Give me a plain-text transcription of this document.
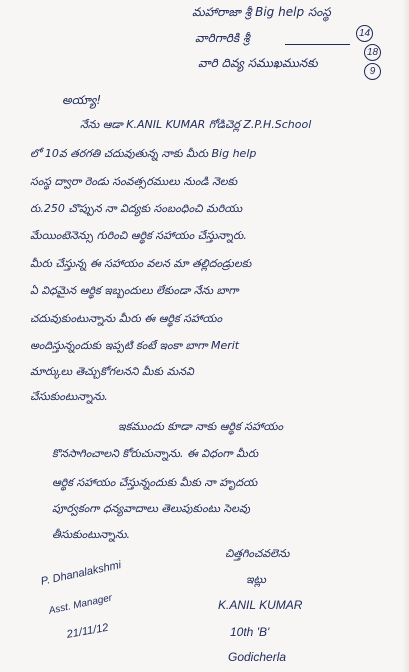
మహారాజా శ్రీ Big help సంస్థ
వారిగారికి శ్రీ	14
18
వారి దివ్య సముఖమునకు
9
అయ్యా!
నేను ఆడా K.ANIL KUMAR గోడిచెర్ల Z.P.H.School
లో 10వ తరగతి చదువుతున్న నాకు మీరు Big help
సంస్థ ద్వారా రెండు సంవత్సరములు నుండి నెలకు
రు.250 చొప్పున నా విద్యకు సంబంధించి మరియు
మేయింటెనెన్సు గురించి ఆర్థిక సహాయం చేస్తున్నారు.
మీరు చేస్తున్న ఈ సహాయం వలన మా తల్లిదండ్రులకు
ఏ విధమైన ఆర్థిక ఇబ్బందులు లేకుండా నేను బాగా
చదువుకుంటున్నాను మీరు ఈ ఆర్థిక సహాయం
అందిస్తున్నందుకు ఇప్పటి కంటే ఇంకా బాగా Merit
మార్కులు తెచ్చుకోగలనని మీకు మనవి
చేసుకుంటున్నాను.
ఇకముందు కూడా నాకు ఆర్థిక సహాయం
కొనసాగించాలని కోరుచున్నాను. ఈ విధంగా మీరు
ఆర్థిక సహాయం చేస్తున్నందుకు మీకు నా హృదయ
పూర్వకంగా ధన్యవాదాలు తెలుపుకుంటు సెలవు
తీసుకుంటున్నాను.
చిత్తగించవలెను
ఇట్లు
K.ANIL KUMAR
10th 'B'
Godicherla
P. Dhanalakshmi
Asst. Manager
21/11/12
